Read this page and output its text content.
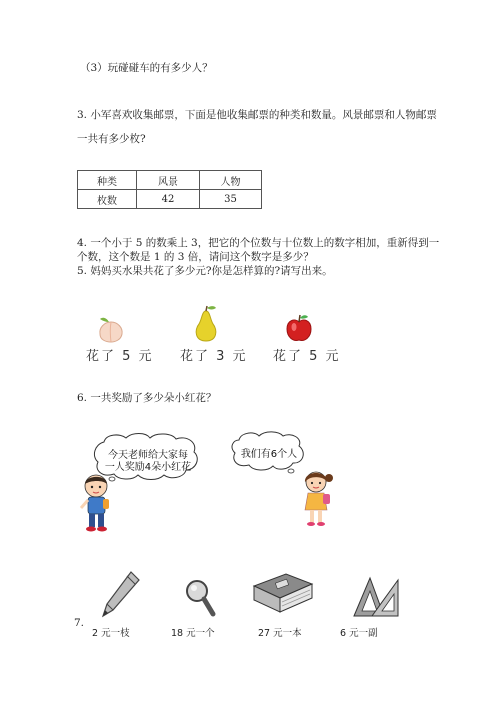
（3）玩碰碰车的有多少人？
3. 小军喜欢收集邮票，下面是他收集邮票的种类和数量。风景邮票和人物邮票
一共有多少枚?
种类	风景	人物
枚数	42	35
4. 一个小于 5 的数乘上 3，把它的个位数与十位数上的数字相加，重新得到一
个数，这个数是 1 的 3 倍，请问这个数字是多少？
5. 妈妈买水果共花了多少元?你是怎样算的?请写出来。
花了 5 元 花了 3 元 花了 5 元
6. 一共奖励了多少朵小红花？
今天老师给大家每
一人奖励4朵小红花
我们有6个人
7.
2 元一枝	18 元一个	27 元一本	6 元一副
